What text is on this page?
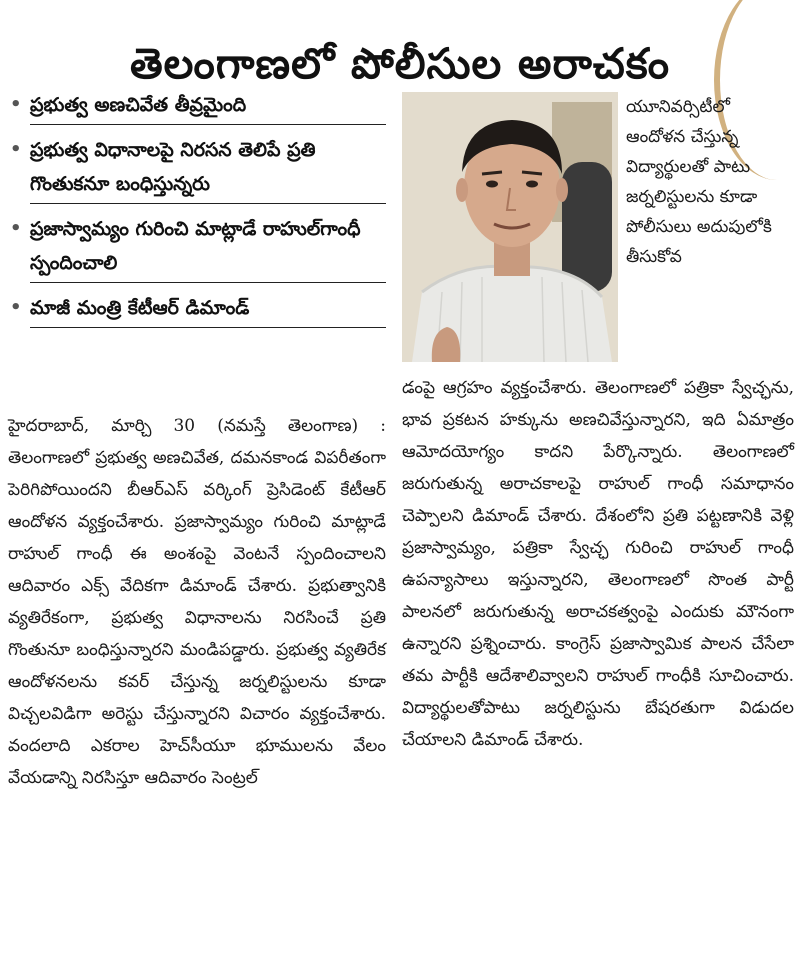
తెలంగాణలో పోలీసుల అరాచకం
• ప్రభుత్వ అణచివేత తీవ్రమైంది
• ప్రభుత్వ విధానాలపై నిరసన తెలిపే ప్రతి గొంతుకనూ బంధిస్తున్నరు
• ప్రజాస్వామ్యం గురించి మాట్లాడే రాహుల్‌గాంధీ స్పందించాలి
• మాజీ మంత్రి కేటీఆర్‌ డిమాండ్‌
హైదరాబాద్‌, మార్చి 30 (నమస్తే తెలంగాణ) : తెలంగాణలో ప్రభుత్వ అణచివేత, దమనకాండ విపరీతంగా పెరిగిపోయిందని బీఆర్‌ఎస్‌ వర్కింగ్‌ ప్రెసిడెంట్‌ కేటీఆర్‌ ఆందోళన వ్యక్తంచేశారు. ప్రజాస్వామ్యం గురించి మాట్లాడే రాహుల్‌ గాంధీ ఈ అంశంపై వెంటనే స్పందించాలని ఆదివారం ఎక్స్‌ వేదికగా డిమాండ్‌ చేశారు. ప్రభుత్వానికి వ్యతిరేకంగా, ప్రభుత్వ విధానాలను నిరసించే ప్రతి గొంతునూ బంధిస్తున్నారని మండిపడ్డారు. ప్రభుత్వ వ్యతిరేక ఆందోళనలను కవర్‌ చేస్తున్న జర్నలిస్టులను కూడా విచ్చలవిడిగా అరెస్టు చేస్తున్నారని విచారం వ్యక్తంచేశారు. వందలాది ఎకరాల హెచ్‌సీయూ భూములను వేలం వేయడాన్ని నిరసిస్తూ ఆదివారం సెంట్రల్‌
యూనివర్సిటీలో ఆందోళన చేస్తున్న విద్యార్థులతో పాటు జర్నలిస్టులను కూడా పోలీసులు అదుపులోకి తీసుకోవ
డంపై ఆగ్రహం వ్యక్తంచేశారు. తెలంగాణలో పత్రికా స్వేచ్ఛను, భావ ప్రకటన హక్కును అణచివేస్తున్నారని, ఇది ఏమాత్రం ఆమోదయోగ్యం కాదని పేర్కొన్నారు. తెలంగాణలో జరుగుతున్న అరాచకాలపై రాహుల్‌ గాంధీ సమాధానం చెప్పాలని డిమాండ్‌ చేశారు. దేశంలోని ప్రతి పట్టణానికి వెళ్లి ప్రజాస్వామ్యం, పత్రికా స్వేచ్ఛ గురించి రాహుల్‌ గాంధీ ఉపన్యాసాలు ఇస్తున్నారని, తెలంగాణలో సొంత పార్టీ పాలనలో జరుగుతున్న అరాచకత్వంపై ఎందుకు మౌనంగా ఉన్నారని ప్రశ్నించారు. కాంగ్రెస్‌ ప్రజాస్వామిక పాలన చేసేలా తమ పార్టీకి ఆదేశాలివ్వాలని రాహుల్‌ గాంధీకి సూచించారు. విద్యార్థులతోపాటు జర్నలిస్టును బేషరతుగా విడుదల చేయాలని డిమాండ్‌ చేశారు.
